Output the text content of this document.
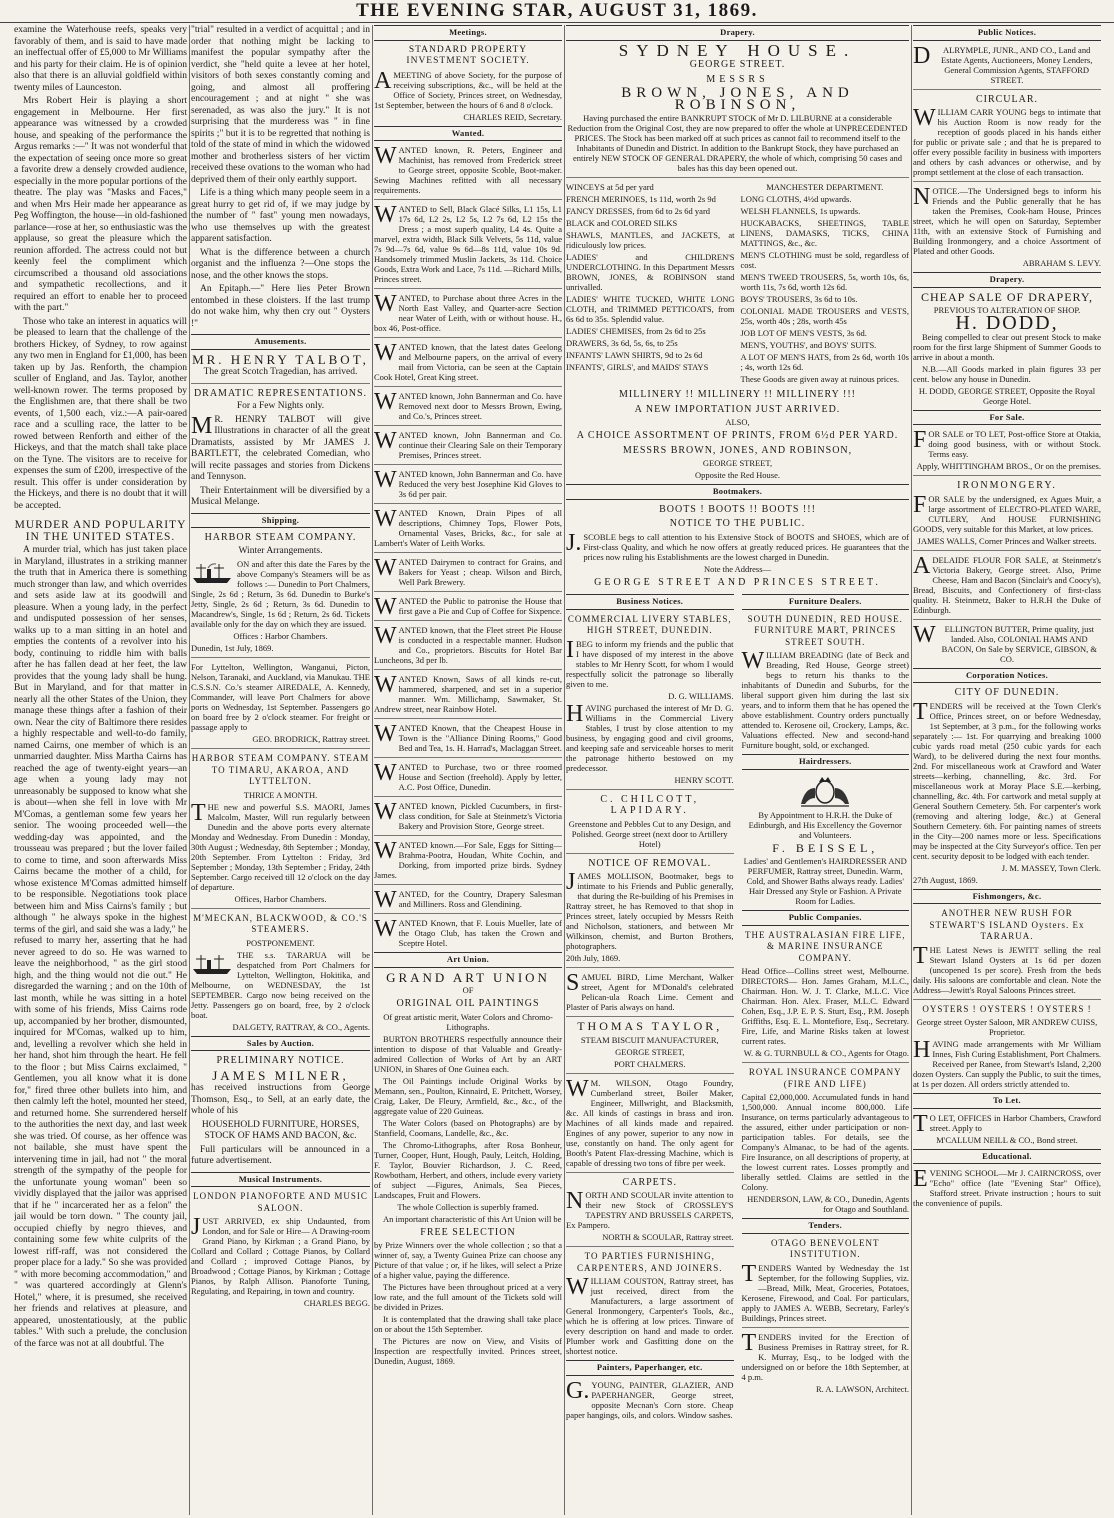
THE EVENING STAR, AUGUST 31, 1869.

examine the Waterhouse reefs, speaks very favorably of them, and is said to have made an ineffectual offer of £5,000 to Mr Williams and his party for their claim. He is of opinion also that there is an alluvial goldfield within twenty miles of Launceston.

Mrs Robert Heir is playing a short engagement in Melbourne. Her first appearance was witnessed by a crowded house, and speaking of the performance the Argus remarks :—" It was not wonderful that the expectation of seeing once more so great a favorite drew a densely crowded audience, especially in the more popular portions of the theatre. The play was "Masks and Faces," and when Mrs Heir made her appearance as Peg Woffington, the house—in old-fashioned parlance—rose at her, so enthusiastic was the applause, so great the pleasure which the reunion afforded. The actress could not but keenly feel the compliment which circumscribed a thousand old associations and sympathetic recollections, and it required an effort to enable her to proceed with the part."

Those who take an interest in aquatics will be pleased to learn that the challenge of the brothers Hickey, of Sydney, to row against any two men in England for £1,000, has been taken up by Jas. Renforth, the champion sculler of England, and Jas. Taylor, another well-known rower. The terms proposed by the Englishmen are, that there shall be two events, of 1,500 each, viz.:—A pair-oared race and a sculling race, the latter to be rowed between Renforth and either of the Hickeys, and that the match shall take place on the Tyne. The visitors are to receive for expenses the sum of £200, irrespective of the result. This offer is under consideration by the Hickeys, and there is no doubt that it will be accepted.

MURDER AND POPULARITY IN THE UNITED STATES.

A murder trial, which has just taken place in Maryland, illustrates in a striking manner the truth that in America there is something much stronger than law, and which overrides and sets aside law at its goodwill and pleasure. When a young lady, in the perfect and undisputed possession of her senses, walks up to a man sitting in an hotel and empties the contents of a revolver into his body, continuing to riddle him with balls after he has fallen dead at her feet, the law provides that the young lady shall be hung. But in Maryland, and for that matter in nearly all the other States of the Union, they manage these things after a fashion of their own. Near the city of Baltimore there resides a highly respectable and well-to-do family, named Cairns, one member of which is an unmarried daughter. Miss Martha Cairns has reached the age of twenty-eight years—an age when a young lady may not unreasonably be supposed to know what she is about—when she fell in love with Mr M'Comas, a gentleman some few years her senior. The wooing proceeded well—the wedding-day was appointed, and the trousseau was prepared ; but the lover failed to come to time, and soon afterwards Miss Cairns became the mother of a child, for whose existence M'Comas admitted himself to be responsible. Negotiations took place between him and Miss Cairns's family ; but although " he always spoke in the highest terms of the girl, and said she was a lady," he refused to marry her, asserting that he had never agreed to do so. He was warned to leave the neighborhood, " as the girl stood high, and the thing would not die out." He disregarded the warning ; and on the 10th of last month, while he was sitting in a hotel with some of his friends, Miss Cairns rode up, accompanied by her brother, dismounted, inquired for M'Comas, walked up to him, and, levelling a revolver which she held in her hand, shot him through the heart. He fell to the floor ; but Miss Cairns exclaimed, " Gentlemen, you all know what it is done for," fired three other bullets into him, and then calmly left the hotel, mounted her steed, and returned home. She surrendered herself to the authorities the next day, and last week she was tried. Of course, as her offence was not bailable, she must have spent the intervening time in jail, had not " the moral strength of the sympathy of the people for the unfortunate young woman" been so vividly displayed that the jailor was apprised that if he " incarcerated her as a felon" the jail would be torn down. " The county jail, occupied chiefly by negro thieves, and containing some few white culprits of the lowest riff-raff, was not considered the proper place for a lady." So she was provided " with more becoming accommodation," and " was quartered accordingly at Glenn's Hotel," where, it is presumed, she received her friends and relatives at pleasure, and appeared, unostentatiously, at the public tables." With such a prelude, the conclusion of the farce was not at all doubtful. The

"trial" resulted in a verdict of acquittal ; and in order that nothing might be lacking to manifest the popular sympathy after the verdict, she "held quite a levee at her hotel, visitors of both sexes constantly coming and going, and almost all proffering encouragement ; and at night " she was serenaded, as was also the jury." It is not surprising that the murderess was " in fine spirits ;" but it is to be regretted that nothing is told of the state of mind in which the widowed mother and brotherless sisters of her victim received these ovations to the woman who had deprived them of their only earthly support.

Life is a thing which many people seem in a great hurry to get rid of, if we may judge by the number of " fast" young men nowadays, who use themselves up with the greatest apparent satisfaction.

What is the difference between a church organist and the influenza ?—One stops the nose, and the other knows the stops.

An Epitaph.—" Here lies Peter Brown entombed in these cloisters. If the last trump do not wake him, why then cry out " Oysters !"

Amusements.
MR. HENRY TALBOT,

The great Scotch Tragedian, has arrived.

DRAMATIC REPRESENTATIONS.

For a Few Nights only.

MR. HENRY TALBOT will give Illustrations in character of all the great Dramatists, assisted by Mr JAMES J. BARTLETT, the celebrated Comedian, who will recite passages and stories from Dickens and Tennyson.

Their Entertainment will be diversified by a Musical Melange.

Shipping.
HARBOR STEAM COMPANY.

Winter Arrangements.

ON and after this date the Fares by the above Company's Steamers will be as follows :— Dunedin to Port Chalmers, Single, 2s 6d ; Return, 3s 6d. Dunedin to Burke's Jetty, Single, 2s 6d ; Return, 3s 6d. Dunedin to Macandrew's, Single, 1s 6d ; Return, 2s 6d. Tickets available only for the day on which they are issued.

Offices : Harbor Chambers.

Dunedin, 1st July, 1869.

For Lyttelton, Wellington, Wanganui, Picton, Nelson, Taranaki, and Auckland, via Manukau. THE C.S.S.N. Co.'s steamer AIREDALE, A. Kennedy, Commander, will leave Port Chalmers for above ports on Wednesday, 1st September. Passengers go on board free by 2 o'clock steamer. For freight or passage apply to

GEO. BRODRICK, Rattray street.

HARBOR STEAM COMPANY. STEAM TO TIMARU, AKAROA, AND LYTTELTON.

THRICE A MONTH.

THE new and powerful S.S. MAORI, James Malcolm, Master, Will run regularly between Dunedin and the above ports every alternate Monday and Wednesday. From Dunedin : Monday, 30th August ; Wednesday, 8th September ; Monday, 20th September. From Lyttelton : Friday, 3rd September ; Monday, 13th September ; Friday, 24th September. Cargo received till 12 o'clock on the day of departure.

Offices, Harbor Chambers.

M'MECKAN, BLACKWOOD, & CO.'S STEAMERS.

POSTPONEMENT.

THE s.s. TARARUA will be despatched from Port Chalmers for Lyttelton, Wellington, Hokitika, and Melbourne, on WEDNESDAY, the 1st SEPTEMBER. Cargo now being received on the Jetty. Passengers go on board, free, by 2 o'clock boat.

DALGETY, RATTRAY, & CO., Agents.

Sales by Auction.
PRELIMINARY NOTICE.
JAMES MILNER,

has received instructions from George Thomson, Esq., to Sell, at an early date, the whole of his

HOUSEHOLD FURNITURE, HORSES, STOCK OF HAMS AND BACON, &c.

Full particulars will be announced in a future advertisement.

Musical Instruments.
LONDON PIANOFORTE AND MUSIC SALOON.

JUST ARRIVED, ex ship Undaunted, from London, and for Sale or Hire— A Drawing-room Grand Piano, by Kirkman ; a Grand Piano, by Collard and Collard ; Cottage Pianos, by Collard and Collard ; improved Cottage Pianos, by Broadwood ; Cottage Pianos, by Kirkman ; Cottage Pianos, by Ralph Allison. Pianoforte Tuning, Regulating, and Repairing, in town and country.

CHARLES BEGG.

Meetings.
STANDARD PROPERTY INVESTMENT SOCIETY.

AMEETING of above Society, for the purpose of receiving subscriptions, &c., will be held at the Office of Society, Princes street, on Wednesday, 1st September, between the hours of 6 and 8 o'clock.

CHARLES REID, Secretary.

Wanted.

WANTED known, R. Peters, Engineer and Machinist, has removed from Frederick street to George street, opposite Scoble, Boot-maker. Sewing Machines refitted with all necessary requirements.

WANTED to Sell, Black Glacé Silks, L1 15s, L1 17s 6d, L2 2s, L2 5s, L2 7s 6d, L2 15s the Dress ; a most superb quality, L4 4s. Quite a marvel, extra width, Black Silk Velvets, 5s 11d, value 7s 9d—7s 6d, value 9s 6d—8s 11d, value 10s 9d. Handsomely trimmed Muslin Jackets, 3s 11d. Choice Goods, Extra Work and Lace, 7s 11d. —Richard Mills, Princes street.

WANTED, to Purchase about three Acres in the North East Valley, and Quarter-acre Section near Water of Leith, with or without house. H., box 46, Post-office.

WANTED known, that the latest dates Geelong and Melbourne papers, on the arrival of every mail from Victoria, can be seen at the Captain Cook Hotel, Great King street.

WANTED known, John Bannerman and Co. have Removed next door to Messrs Brown, Ewing, and Co.'s, Princes street.

WANTED known, John Bannerman and Co. continue their Clearing Sale on their Temporary Premises, Princes street.

WANTED known, John Bannerman and Co. have Reduced the very best Josephine Kid Gloves to 3s 6d per pair.

WANTED Known, Drain Pipes of all descriptions, Chimney Tops, Flower Pots, Ornamental Vases, Bricks, &c., for sale at Lambert's Water of Leith Works.

WANTED Dairymen to contract for Grains, and Bakers for Yeast ; cheap. Wilson and Birch, Well Park Brewery.

WANTED the Public to patronise the House that first gave a Pie and Cup of Coffee for Sixpence.

WANTED known, that the Fleet street Pie House is conducted in a respectable manner. Hudson and Co., proprietors. Biscuits for Hotel Bar Luncheons, 3d per lb.

WANTED Known, Saws of all kinds re-cut, hammered, sharpened, and set in a superior manner. Wm. Millichamp, Sawmaker, St. Andrew street, near Rainbow Hotel.

WANTED Known, that the Cheapest House in Town is the "Alliance Dining Rooms," Good Bed and Tea, 1s. H. Harrad's, Maclaggan Street.

WANTED to Purchase, two or three roomed House and Section (freehold). Apply by letter, A.C. Post Office, Dunedin.

WANTED known, Pickled Cucumbers, in first-class condition, for Sale at Steinmetz's Victoria Bakery and Provision Store, George street.

WANTED known.—For Sale, Eggs for Sitting— Brahma-Pootra, Houdan, White Cochin, and Dorking, from imported prize birds. Sydney James.

WANTED, for the Country, Drapery Salesman and Milliners. Ross and Glendining.

WANTED Known, that F. Louis Mueller, late of the Otago Club, has taken the Crown and Sceptre Hotel.

Art Union.
GRAND ART UNION

OF

ORIGINAL OIL PAINTINGS

Of great artistic merit, Water Colors and Chromo-Lithographs.

BURTON BROTHERS respectfully announce their intention to dispose of that Valuable and Greatly-admired Collection of Works of Art by an ART UNION, in Shares of One Guinea each.

The Oil Paintings include Original Works by Memann, sen., Poulton, Kinnaird, E. Pritchett, Worsey, Craig, Laker, De Fleury, Armfield, &c., &c., of the aggregate value of 220 Guineas.

The Water Colors (based on Photographs) are by Stanfield, Coomans, Landelle, &c., &c.

The Chromo-Lithographs, after Rosa Bonheur, Turner, Cooper, Hunt, Hough, Pauly, Leitch, Holding, F. Taylor, Bouvier Richardson, J. C. Reed, Rowbotham, Herbert, and others, include every variety of subject —Figures, Animals, Sea Pieces, Landscapes, Fruit and Flowers.

The whole Collection is superbly framed.

An important characteristic of this Art Union will be

FREE SELECTION

by Prize Winners over the whole collection ; so that a winner of, say, a Twenty Guinea Prize can choose any Picture of that value ; or, if he likes, will select a Prize of a higher value, paying the difference.

The Pictures have been throughout priced at a very low rate, and the full amount of the Tickets sold will be divided in Prizes.

It is contemplated that the drawing shall take place on or about the 15th September.

The Pictures are now on View, and Visits of Inspection are respectfully invited. Princes street, Dunedin, August, 1869.

Drapery.
SYDNEY HOUSE.
GEORGE STREET.
MESSRS
BROWN, JONES, AND ROBINSON,

Having purchased the entire BANKRUPT STOCK of Mr D. LILBURNE at a considerable Reduction from the Original Cost, they are now prepared to offer the whole at UNPRECEDENTED PRICES. The Stock has been marked off at such prices as cannot fail to recommend itself to the Inhabitants of Dunedin and District. In addition to the Bankrupt Stock, they have purchased an entirely NEW STOCK OF GENERAL DRAPERY, the whole of which, comprising 50 cases and bales has this day been opened out.

WINCEYS at 5d per yard

FRENCH MERINOES, 1s 11d, worth 2s 9d

FANCY DRESSES, from 6d to 2s 6d yard

BLACK and COLORED SILKS

SHAWLS, MANTLES, and JACKETS, at ridiculously low prices.

LADIES' and CHILDREN'S UNDERCLOTHING. In this Department Messrs BROWN, JONES, & ROBINSON stand unrivalled.

LADIES' WHITE TUCKED, WHITE LONG CLOTH, and TRIMMED PETTICOATS, from 6s 6d to 35s. Splendid value.

LADIES' CHEMISES, from 2s 6d to 25s

DRAWERS, 3s 6d, 5s, 6s, to 25s

INFANTS' LAWN SHIRTS, 9d to 2s 6d

INFANTS', GIRLS', and MAIDS' STAYS

MANCHESTER DEPARTMENT.

LONG CLOTHS, 4½d upwards.

WELSH FLANNELS, 1s upwards.

HUCKABACKS, SHEETINGS, TABLE LINENS, DAMASKS, TICKS, CHINA MATTINGS, &c., &c.

MEN'S CLOTHING must be sold, regardless of cost.

MEN'S TWEED TROUSERS, 5s, worth 10s, 6s, worth 11s, 7s 6d, worth 12s 6d.

BOYS' TROUSERS, 3s 6d to 10s.

COLONIAL MADE TROUSERS and VESTS, 25s, worth 40s ; 28s, worth 45s

JOB LOT OF MEN'S VESTS, 3s 6d.

MEN'S, YOUTHS', and BOYS' SUITS.

A LOT OF MEN'S HATS, from 2s 6d, worth 10s ; 4s, worth 12s 6d.

These Goods are given away at ruinous prices.

MILLINERY !! MILLINERY !! MILLINERY !!!
A NEW IMPORTATION JUST ARRIVED.

ALSO,

A CHOICE ASSORTMENT OF PRINTS, FROM 6½d PER YARD.
MESSRS BROWN, JONES, AND ROBINSON,

GEORGE STREET,

Opposite the Red House.

Bootmakers.
BOOTS ! BOOTS !! BOOTS !!!
NOTICE TO THE PUBLIC.

J.SCOBLE begs to call attention to his Extensive Stock of BOOTS and SHOES, which are of First-class Quality, and which he now offers at greatly reduced prices. He guarantees that the prices now ruling his Establishments are the lowest charged in Dunedin.

Note the Address—

GEORGE STREET AND PRINCES STREET.
Business Notices.
COMMERCIAL LIVERY STABLES, HIGH STREET, DUNEDIN.

IBEG to inform my friends and the public that I have disposed of my interest in the above stables to Mr Henry Scott, for whom I would respectfully solicit the patronage so liberally given to me.

D. G. WILLIAMS.

HAVING purchased the interest of Mr D. G. Williams in the Commercial Livery Stables, I trust by close attention to my business, by engaging good and civil grooms, and keeping safe and serviceable horses to merit the patronage hitherto bestowed on my predecessor.

HENRY SCOTT.

C. CHILCOTT, LAPIDARY.

Greenstone and Pebbles Cut to any Design, and Polished. George street (next door to Artillery Hotel)

NOTICE OF REMOVAL.

JAMES MOLLISON, Bootmaker, begs to intimate to his Friends and Public generally, that during the Re-building of his Premises in Rattray street, he has Removed to that shop in Princes street, lately occupied by Messrs Reith and Nicholson, stationers, and between Mr Wilkinson, chemist, and Burton Brothers, photographers.

20th July, 1869.

SAMUEL BIRD, Lime Merchant, Walker street, Agent for M'Donald's celebrated Pelican-ula Roach Lime. Cement and Plaster of Paris always on hand.

THOMAS TAYLOR,

STEAM BISCUIT MANUFACTURER,

GEORGE STREET,

PORT CHALMERS.

WM. WILSON, Otago Foundry, Cumberland street, Boiler Maker, Engineer, Millwright, and Blacksmith, &c. All kinds of castings in brass and iron. Machines of all kinds made and repaired. Engines of any power, superior to any now in use, constantly on hand. The only agent for Booth's Patent Flax-dressing Machine, which is capable of dressing two tons of fibre per week.

CARPETS.

NORTH AND SCOULAR invite attention to their new Stock of CROSSLEY'S TAPESTRY AND BRUSSELS CARPETS, Ex Pampero.

NORTH & SCOULAR, Rattray street.

TO PARTIES FURNISHING, CARPENTERS, AND JOINERS.

WILLIAM COUSTON, Rattray street, has just received, direct from the Manufacturers, a large assortment of General Ironmongery, Carpenter's Tools, &c., which he is offering at low prices. Tinware of every description on hand and made to order. Plumber work and Gasfitting done on the shortest notice.

Painters, Paperhanger, etc.

G.YOUNG, PAINTER, GLAZIER, AND PAPERHANGER, George street, opposite Mecnan's Corn store. Cheap paper hangings, oils, and colors. Window sashes.

Furniture Dealers.
SOUTH DUNEDIN, RED HOUSE. FURNITURE MART, PRINCES STREET SOUTH.

WILLIAM BREADING (late of Beck and Breading, Red House, George street) begs to return his thanks to the inhabitants of Dunedin and Suburbs, for the liberal support given him during the last six years, and to inform them that he has opened the above establishment. Country orders punctually attended to. Kerosene oil, Crockery, Lamps, &c. Valuations effected. New and second-hand Furniture bought, sold, or exchanged.

Hairdressers.

By Appointment to H.R.H. the Duke of Edinburgh, and His Excellency the Governor and Volunteers.

F. BEISSEL,

Ladies' and Gentlemen's HAIRDRESSER AND PERFUMER, Rattray street, Dunedin. Warm, Cold, and Shower Baths always ready. Ladies' Hair Dressed any Style or Fashion. A Private Room for Ladies.

Public Companies.
THE AUSTRALASIAN FIRE LIFE, & MARINE INSURANCE COMPANY.

Head Office—Collins street west, Melbourne. DIRECTORS— Hon. James Graham, M.L.C., Chairman. Hon. W. J. T. Clarke, M.L.C. Vice Chairman. Hon. Alex. Fraser, M.L.C. Edward Cohen, Esq., J.P. E. P. S. Sturt, Esq., P.M. Joseph Griffiths, Esq. E. L. Montefiore, Esq., Secretary. Fire, Life, and Marine Risks taken at lowest current rates.

W. & G. TURNBULL & CO., Agents for Otago.

ROYAL INSURANCE COMPANY (FIRE AND LIFE)

Capital £2,000,000. Accumulated funds in hand 1,500,000. Annual income 800,000. Life Insurance, on terms particularly advantageous to the assured, either under participation or non-participation tables. For details, see the Company's Almanac, to be had of the agents. Fire Insurance, on all descriptions of property, at the lowest current rates. Losses promptly and liberally settled. Claims are settled in the Colony.

HENDERSON, LAW, & CO., Dunedin, Agents for Otago and Southland.

Tenders.
OTAGO BENEVOLENT INSTITUTION.

TENDERS Wanted by Wednesday the 1st September, for the following Supplies, viz.—Bread, Milk, Meat, Groceries, Potatoes, Kerosene, Firewood, and Coal. For particulars, apply to JAMES A. WEBB, Secretary, Farley's Buildings, Princes street.

TENDERS invited for the Erection of Business Premises in Rattray street, for R. K. Murray, Esq., to be lodged with the undersigned on or before the 18th September, at 4 p.m.

R. A. LAWSON, Architect.

Public Notices.

DALRYMPLE, JUNR., AND CO., Land and Estate Agents, Auctioneers, Money Lenders, General Commission Agents, STAFFORD STREET.

CIRCULAR.

WILLIAM CARR YOUNG begs to intimate that his Auction Room is now ready for the reception of goods placed in his hands either for public or private sale ; and that he is prepared to offer every possible facility in business with importers and others by cash advances or otherwise, and by prompt settlement at the close of each transaction.

NOTICE.—The Undersigned begs to inform his Friends and the Public generally that he has taken the Premises, Cook-ham House, Princes street, which he will open on Saturday, September 11th, with an extensive Stock of Furnishing and Building Ironmongery, and a choice Assortment of Plated and other Goods.

ABRAHAM S. LEVY.

Drapery.
CHEAP SALE OF DRAPERY,

PREVIOUS TO ALTERATION OF SHOP.

H. DODD,

Being compelled to clear out present Stock to make room for the first large Shipment of Summer Goods to arrive in about a month.

N.B.—All Goods marked in plain figures 33 per cent. below any house in Dunedin.

H. DODD, GEORGE STREET, Opposite the Royal George Hotel.

For Sale.

FOR SALE or TO LET, Post-office Store at Otakia, doing good business, with or without Stock. Terms easy.

Apply, WHITTINGHAM BROS., Or on the premises.

IRONMONGERY.

FOR SALE by the undersigned, ex Agues Muir, a large assortment of ELECTRO-PLATED WARE, CUTLERY, And HOUSE FURNISHING GOODS, very suitable for this Market, at low prices.

JAMES WALLS, Corner Princes and Walker streets.

ADELAIDE FLOUR FOR SALE, at Steinmetz's Victoria Bakery, George street. Also, Prime Cheese, Ham and Bacon (Sinclair's and Coocy's), Bread, Biscuits, and Confectionery of first-class quality. H. Steinmetz, Baker to H.R.H the Duke of Edinburgh.

WELLINGTON BUTTER, Prime quality, just landed. Also, COLONIAL HAMS AND BACON, On Sale by SERVICE, GIBSON, & CO.

Corporation Notices.
CITY OF DUNEDIN.

TENDERS will be received at the Town Clerk's Office, Princes street, on or before Wednesday, 1st September, at 3 p.m., for the following works separately :— 1st. For quarrying and breaking 1000 cubic yards road metal (250 cubic yards for each Ward), to be delivered during the next four months. 2nd. For miscellaneous work at Crawford and Water streets—kerbing, channelling, &c. 3rd. For miscellaneous work at Moray Place S.E.—kerbing, channelling, &c. 4th. For cartwork and metal supply at General Southern Cemetery. 5th. For carpenter's work (removing and altering lodge, &c.) at General Southern Cemetery. 6th. For painting names of streets in the City—200 names more or less. Specifications may be inspected at the City Surveyor's office. Ten per cent. security deposit to be lodged with each tender.

J. M. MASSEY, Town Clerk.

27th August, 1869.

Fishmongers, &c.
ANOTHER NEW RUSH FOR STEWART'S ISLAND Oysters. Ex TARARUA.

THE Latest News is JEWITT selling the real Stewart Island Oysters at 1s 6d per dozen (uncopened 1s per score). Fresh from the beds daily. His saloons are comfortable and clean. Note the Address—Jewitt's Royal Saloons Princes street.

OYSTERS ! OYSTERS ! OYSTERS !

George street Oyster Saloon, MR ANDREW CUISS, Proprietor.

HAVING made arrangements with Mr William Innes, Fish Curing Establishment, Port Chalmers. Received per Ranee, from Stewart's Island, 2,200 dozen Oysters. Can supply the Public, to suit the times, at 1s per dozen. All orders strictly attended to.

To Let.

TO LET, OFFICES in Harbor Chambers, Crawford street. Apply to

M'CALLUM NEILL & CO., Bond street.

Educational.

EVENING SCHOOL—Mr J. CAIRNCROSS, over "Echo" office (late "Evening Star" Office), Stafford street. Private instruction ; hours to suit the convenience of pupils.
